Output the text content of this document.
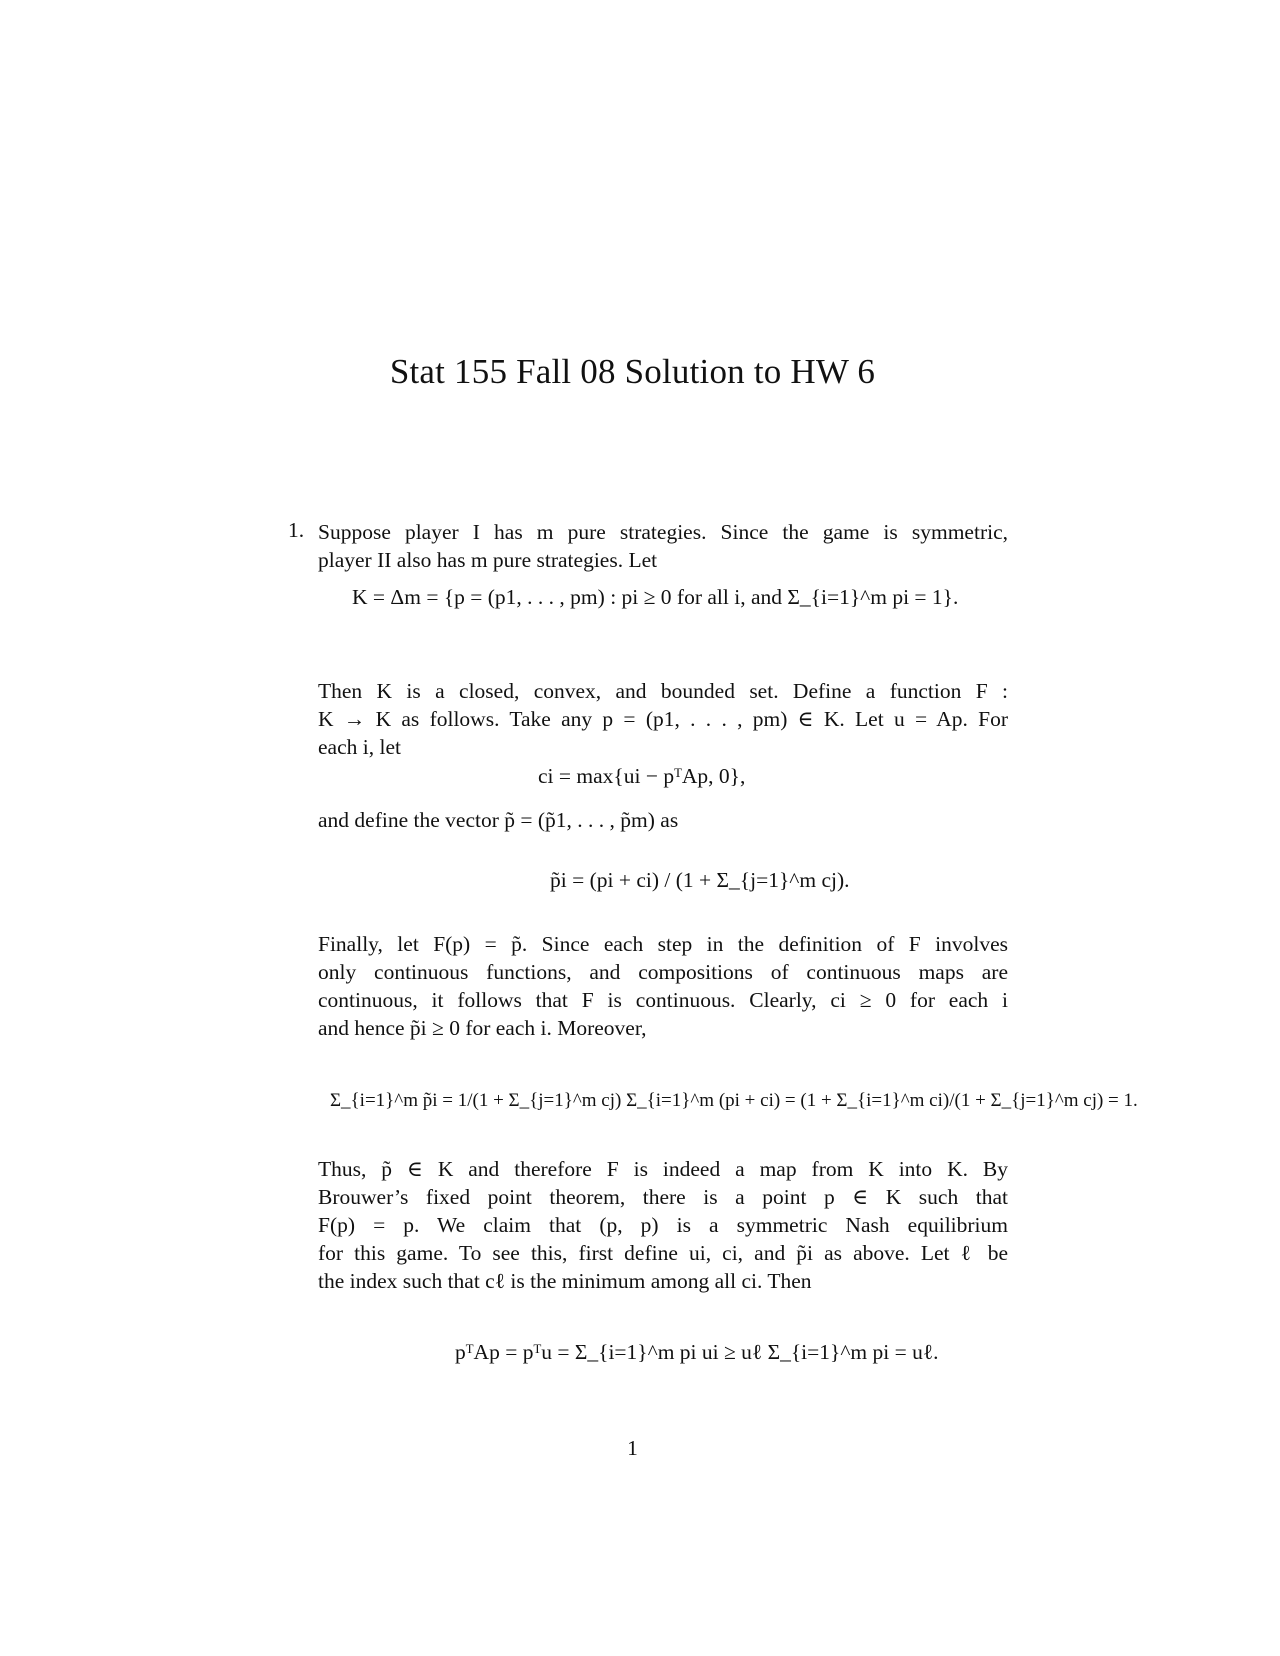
Stat 155 Fall 08 Solution to HW 6
1. Suppose player I has m pure strategies. Since the game is symmetric,
player II also has m pure strategies. Let
K = Δm = {p = (p1, . . . , pm) : pi ≥ 0 for all i, and Σ_{i=1}^m pi = 1}.
Then K is a closed, convex, and bounded set. Define a function F :
K → K as follows. Take any p = (p1, . . . , pm) ∈ K. Let u = Ap. For
each i, let
ci = max{ui − pᵀAp, 0},
and define the vector p̃ = (p̃1, . . . , p̃m) as
p̃i = (pi + ci) / (1 + Σ_{j=1}^m cj).
Finally, let F(p) = p̃. Since each step in the definition of F involves
only continuous functions, and compositions of continuous maps are
continuous, it follows that F is continuous. Clearly, ci ≥ 0 for each i
and hence p̃i ≥ 0 for each i. Moreover,
Σ_{i=1}^m p̃i = 1/(1 + Σ_{j=1}^m cj) Σ_{i=1}^m (pi + ci) = (1 + Σ_{i=1}^m ci)/(1 + Σ_{j=1}^m cj) = 1.
Thus, p̃ ∈ K and therefore F is indeed a map from K into K. By
Brouwer’s fixed point theorem, there is a point p ∈ K such that
F(p) = p. We claim that (p, p) is a symmetric Nash equilibrium
for this game. To see this, first define ui, ci, and p̃i as above. Let ℓ be
the index such that cℓ is the minimum among all ci. Then
pᵀAp = pᵀu = Σ_{i=1}^m pi ui ≥ uℓ Σ_{i=1}^m pi = uℓ.
1
